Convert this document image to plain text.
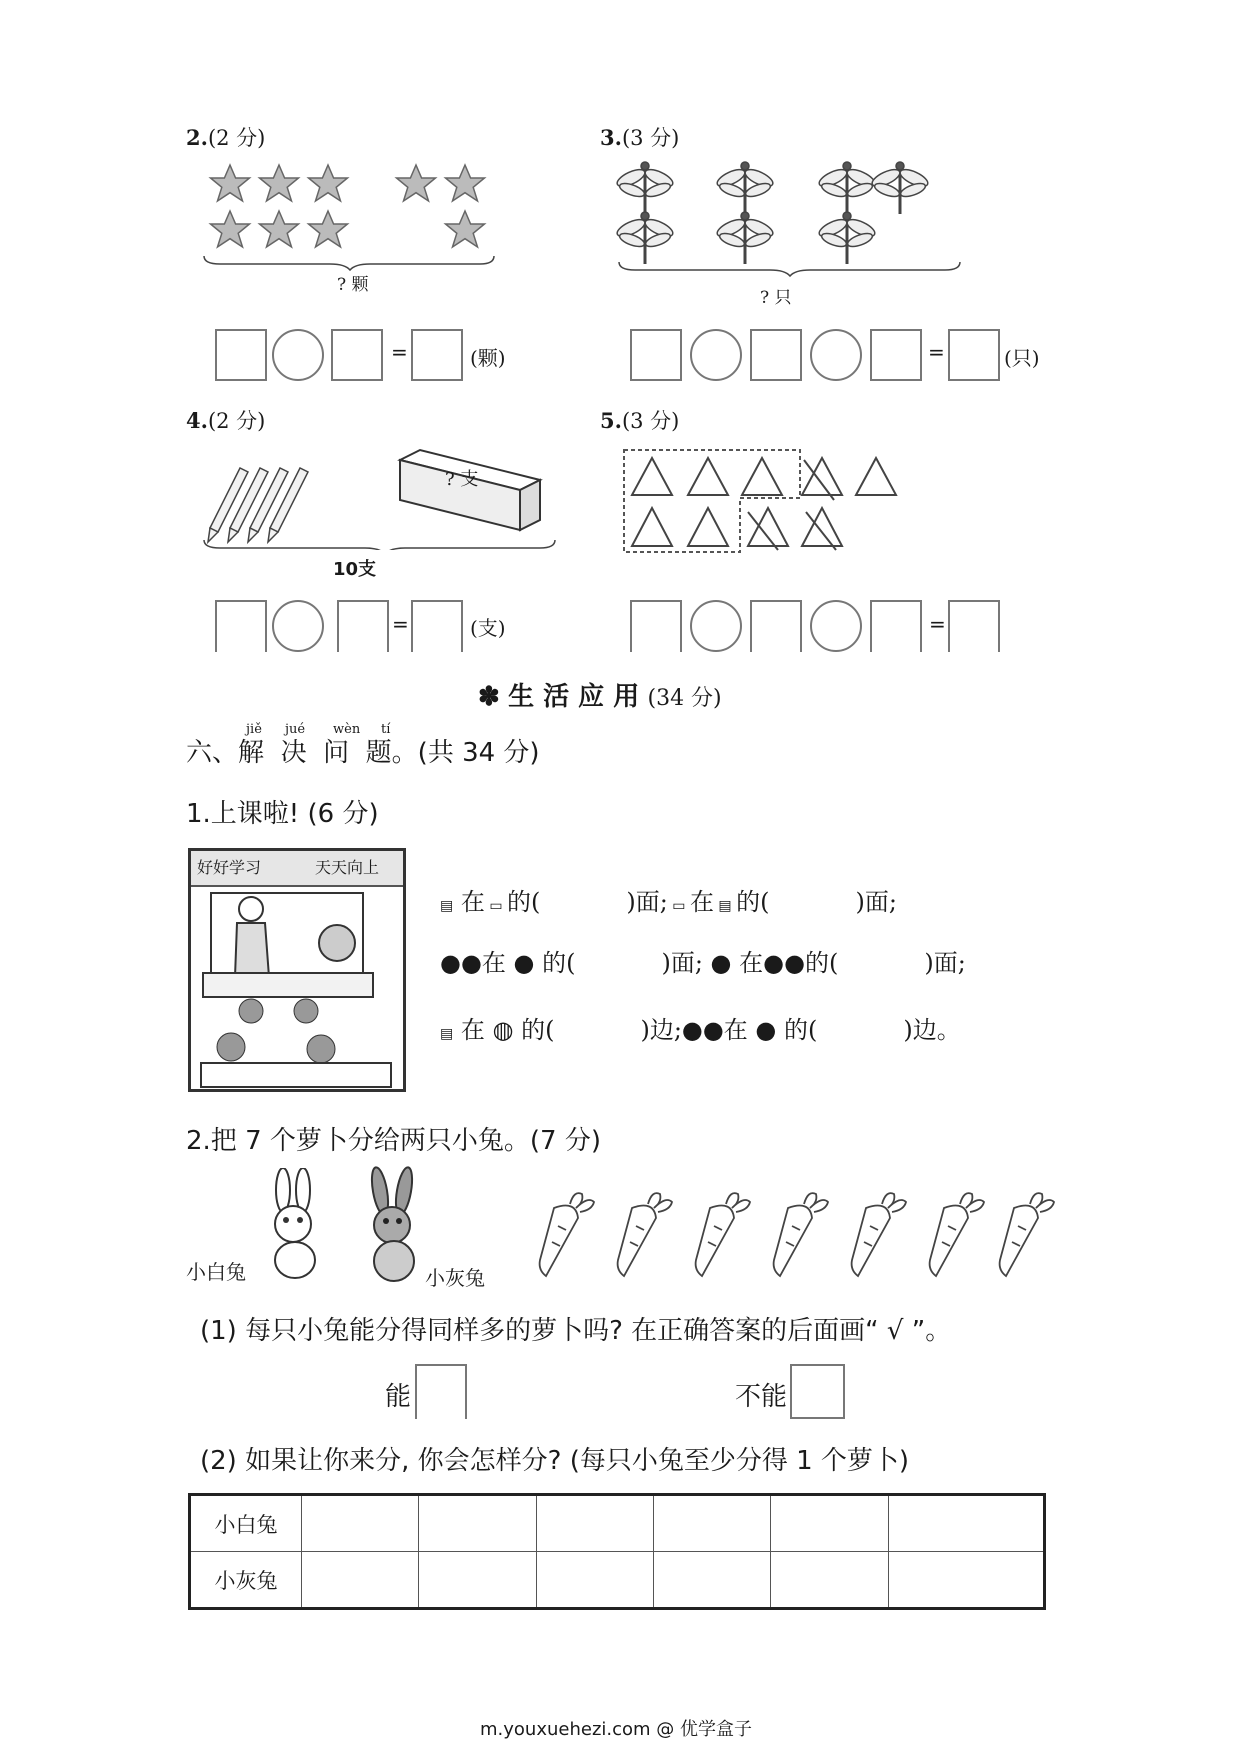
2.(2 分)
? 颗
=	(颗)
3.(3 分)
? 只
=	(只)
4.(2 分)
? 支
10支
=	(支)
5.(3 分)
=
✽ 生 活 应 用 (34 分)
jiě jué wèn tí
六、解 决 问 题。(共 34 分)
1.上课啦! (6 分)
好好学习	天天向上
▤ 在 ▭ 的(	)面; ▭ 在 ▤ 的(	)面;
●●在 ● 的(	)面; ● 在●●的(	)面;
▤ 在 ◍ 的(	)边;●●在 ● 的(	)边。
2.把 7 个萝卜分给两只小兔。(7 分)
小白兔	小灰兔
(1) 每只小兔能分得同样多的萝卜吗? 在正确答案的后面画“ √ ”。
能	不能
(2) 如果让你来分, 你会怎样分? (每只小兔至少分得 1 个萝卜)
小白兔						
小灰兔						
m.youxuehezi.com @ 优学盒子
